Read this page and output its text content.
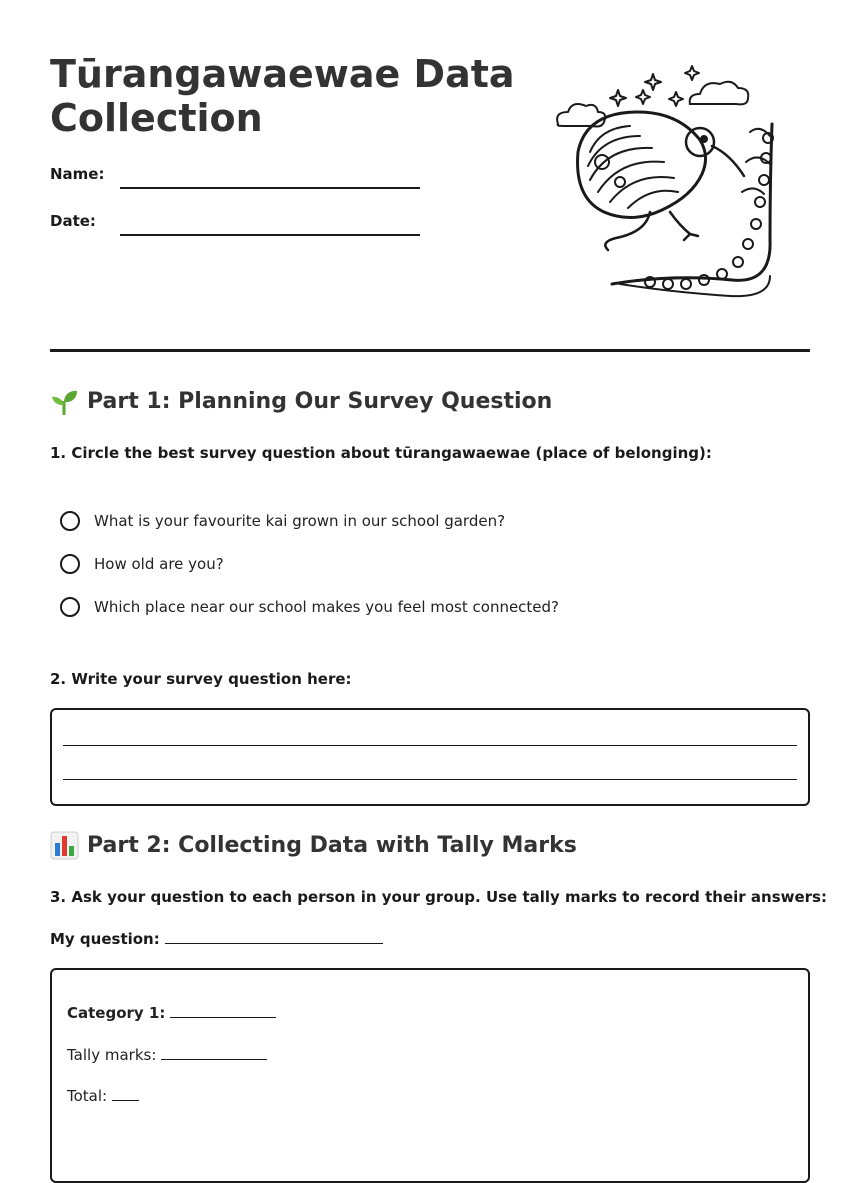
Tūrangawaewae Data Collection
Name:
Date:
Part 1: Planning Our Survey Question

1. Circle the best survey question about tūrangawaewae (place of belonging):

What is your favourite kai grown in our school garden?
How old are you?
Which place near our school makes you feel most connected?

2. Write your survey question here:

Part 2: Collecting Data with Tally Marks

3. Ask your question to each person in your group. Use tally marks to record their answers:

My question:
Category 1:
Tally marks:
Total:
